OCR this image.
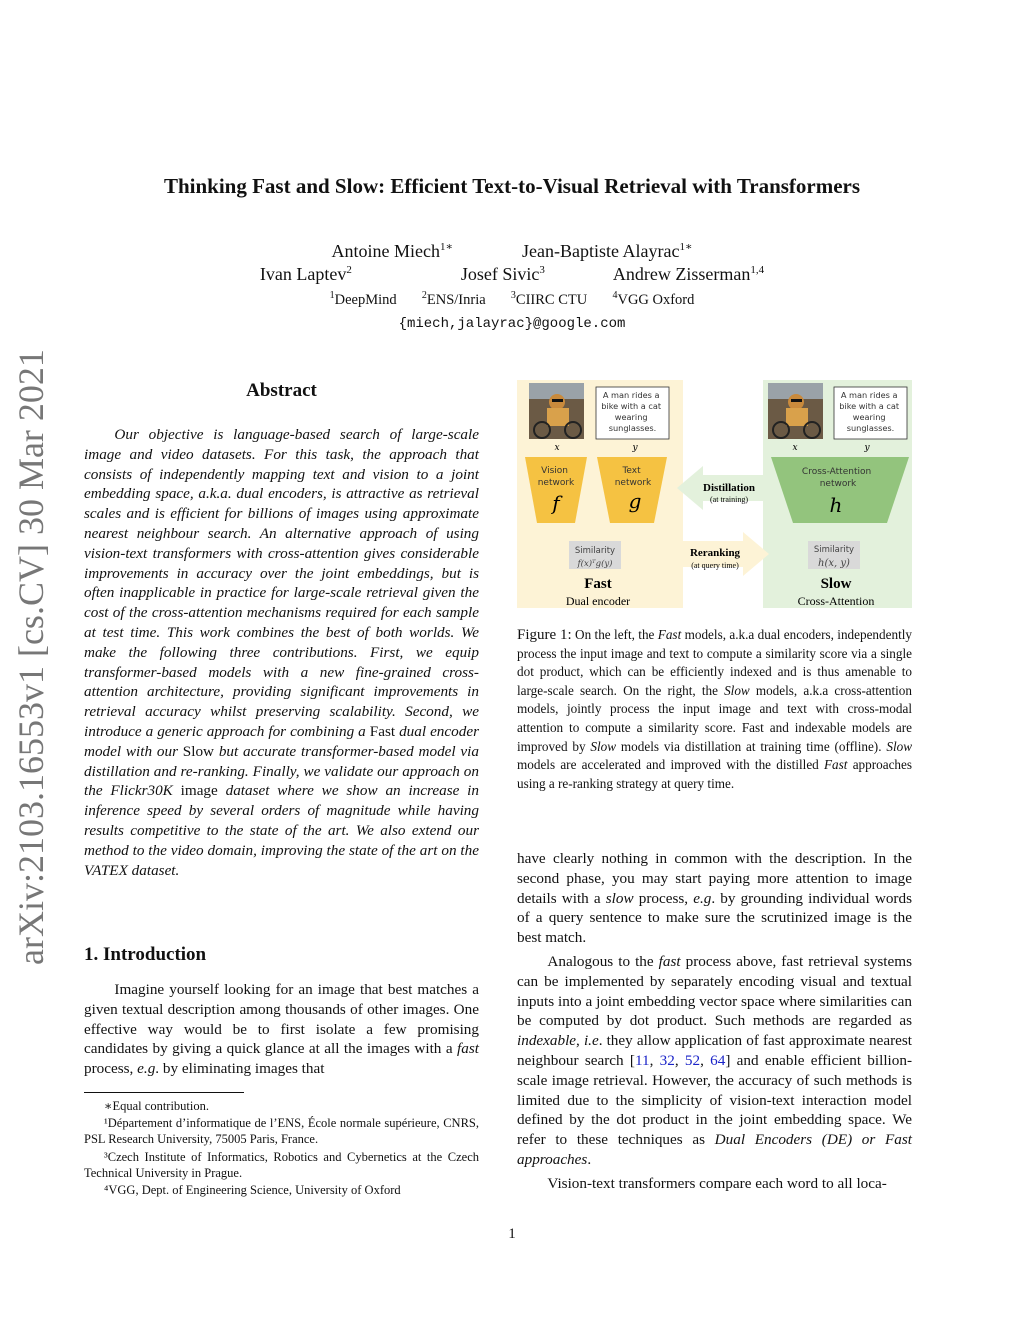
Thinking Fast and Slow: Efficient Text-to-Visual Retrieval with Transformers
Antoine Miech$^{1∗}$	Jean-Baptiste Alayrac$^{1∗}$
Ivan Laptev$^2$	Josef Sivic$^3$	Andrew Zisserman$^{1,4}$
$^1$DeepMind	$^2$ENS/Inria	$^3$CIIRC CTU	$^4$VGG Oxford
{miech,jalayrac}@google.com
arXiv:2103.16553v1 [cs.CV] 30 Mar 2021	Abstract

Our objective is language-based search of large-scale image and video datasets. For this task, the approach that consists of independently mapping text and vision to a joint embedding space, a.k.a. dual encoders, is attractive as retrieval scales and is efficient for billions of images using approximate nearest neighbour search. An alternative approach of using vision-text transformers with cross-attention gives considerable improvements in accuracy over the joint embeddings, but is often inapplicable in practice for large-scale retrieval given the cost of the cross-attention mechanisms required for each sample at test time. This work combines the best of both worlds. We make the following three contributions. First, we equip transformer-based models with a new fine-grained cross-attention architecture, providing significant improvements in retrieval accuracy whilst preserving scalability. Second, we introduce a generic approach for combining a Fast dual encoder model with our Slow but accurate transformer-based model via distillation and re-ranking. Finally, we validate our approach on the Flickr30K image dataset where we show an increase in inference speed by several orders of magnitude while having results competitive to the state of the art. We also extend our method to the video domain, improving the state of the art on the VATEX dataset.

1. Introduction

Imagine yourself looking for an image that best matches a given textual description among thousands of other images. One effective way would be to first isolate a few promising candidates by giving a quick glance at all the images with a fast process, e.g. by eliminating images that

∗Equal contribution.

¹Département d’informatique de l’ENS, École normale supérieure, CNRS, PSL Research University, 75005 Paris, France.

³Czech Institute of Informatics, Robotics and Cybernetics at the Czech Technical University in Prague.

⁴VGG, Dept. of Engineering Science, University of Oxford

A man rides a bike with a cat wearing sunglasses.
x	y
Vision network
f
Text network
g
Similarity
f(x)ᵀg(y)
Fast
Dual encoder
Distillation
(at training)
Reranking
(at query time)
A man rides a bike with a cat wearing sunglasses.
x	y
Cross-Attention network
h
Similarity
h(x, y)
Slow
Cross-Attention
Figure 1: On the left, the Fast models, a.k.a dual encoders, independently process the input image and text to compute a similarity score via a single dot product, which can be efficiently indexed and is thus amenable to large-scale search. On the right, the Slow models, a.k.a cross-attention models, jointly process the input image and text with cross-modal attention to compute a similarity score. Fast and indexable models are improved by Slow models via distillation at training time (offline). Slow models are accelerated and improved with the distilled Fast approaches using a re-ranking strategy at query time.

have clearly nothing in common with the description. In the second phase, you may start paying more attention to image details with a slow process, e.g. by grounding individual words of a query sentence to make sure the scrutinized image is the best match.

Analogous to the fast process above, fast retrieval systems can be implemented by separately encoding visual and textual inputs into a joint embedding vector space where similarities can be computed by dot product. Such methods are regarded as indexable, i.e. they allow application of fast approximate nearest neighbour search [11, 32, 52, 64] and enable efficient billion-scale image retrieval. However, the accuracy of such methods is limited due to the simplicity of vision-text interaction model defined by the dot product in the joint embedding space. We refer to these techniques as Dual Encoders (DE) or Fast approaches.

Vision-text transformers compare each word to all loca-

1
